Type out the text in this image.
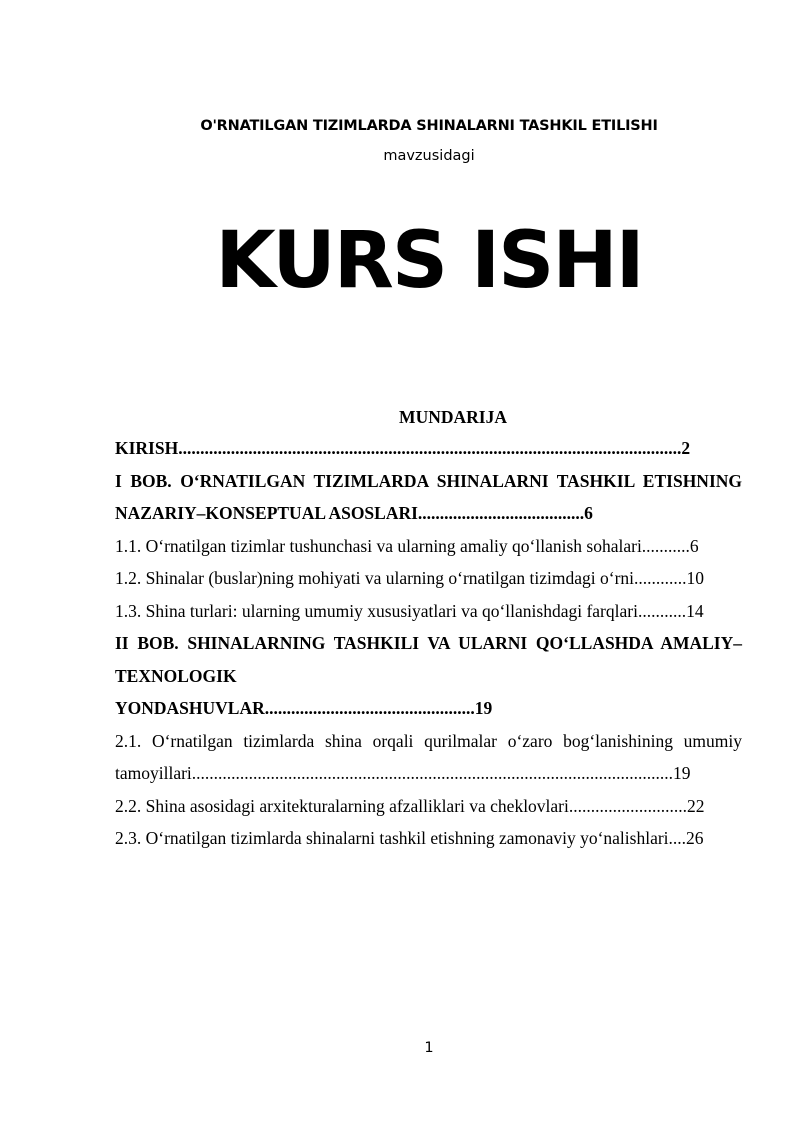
O'RNATILGAN TIZIMLARDA SHINALARNI TASHKIL ETILISHI
mavzusidagi
KURS ISHI
MUNDARIJA

KIRISH...................................................................................................................2

I BOB. O‘RNATILGAN TIZIMLARDA SHINALARNI TASHKIL ETISHNING NAZARIY–KONSEPTUAL ASOSLARI......................................6

1.1. O‘rnatilgan tizimlar tushunchasi va ularning amaliy qo‘llanish sohalari...........6

1.2. Shinalar (buslar)ning mohiyati va ularning o‘rnatilgan tizimdagi o‘rni............10

1.3. Shina turlari: ularning umumiy xususiyatlari va qo‘llanishdagi farqlari...........14

II BOB. SHINALARNING TASHKILI VA ULARNI QO‘LLASHDA AMALIY–TEXNOLOGIK

YONDASHUVLAR................................................19

2.1. O‘rnatilgan tizimlarda shina orqali qurilmalar o‘zaro bog‘lanishining umumiy tamoyillari..............................................................................................................19

2.2. Shina asosidagi arxitekturalarning afzalliklari va cheklovlari...........................22

2.3. O‘rnatilgan tizimlarda shinalarni tashkil etishning zamonaviy yo‘nalishlari....26

1
